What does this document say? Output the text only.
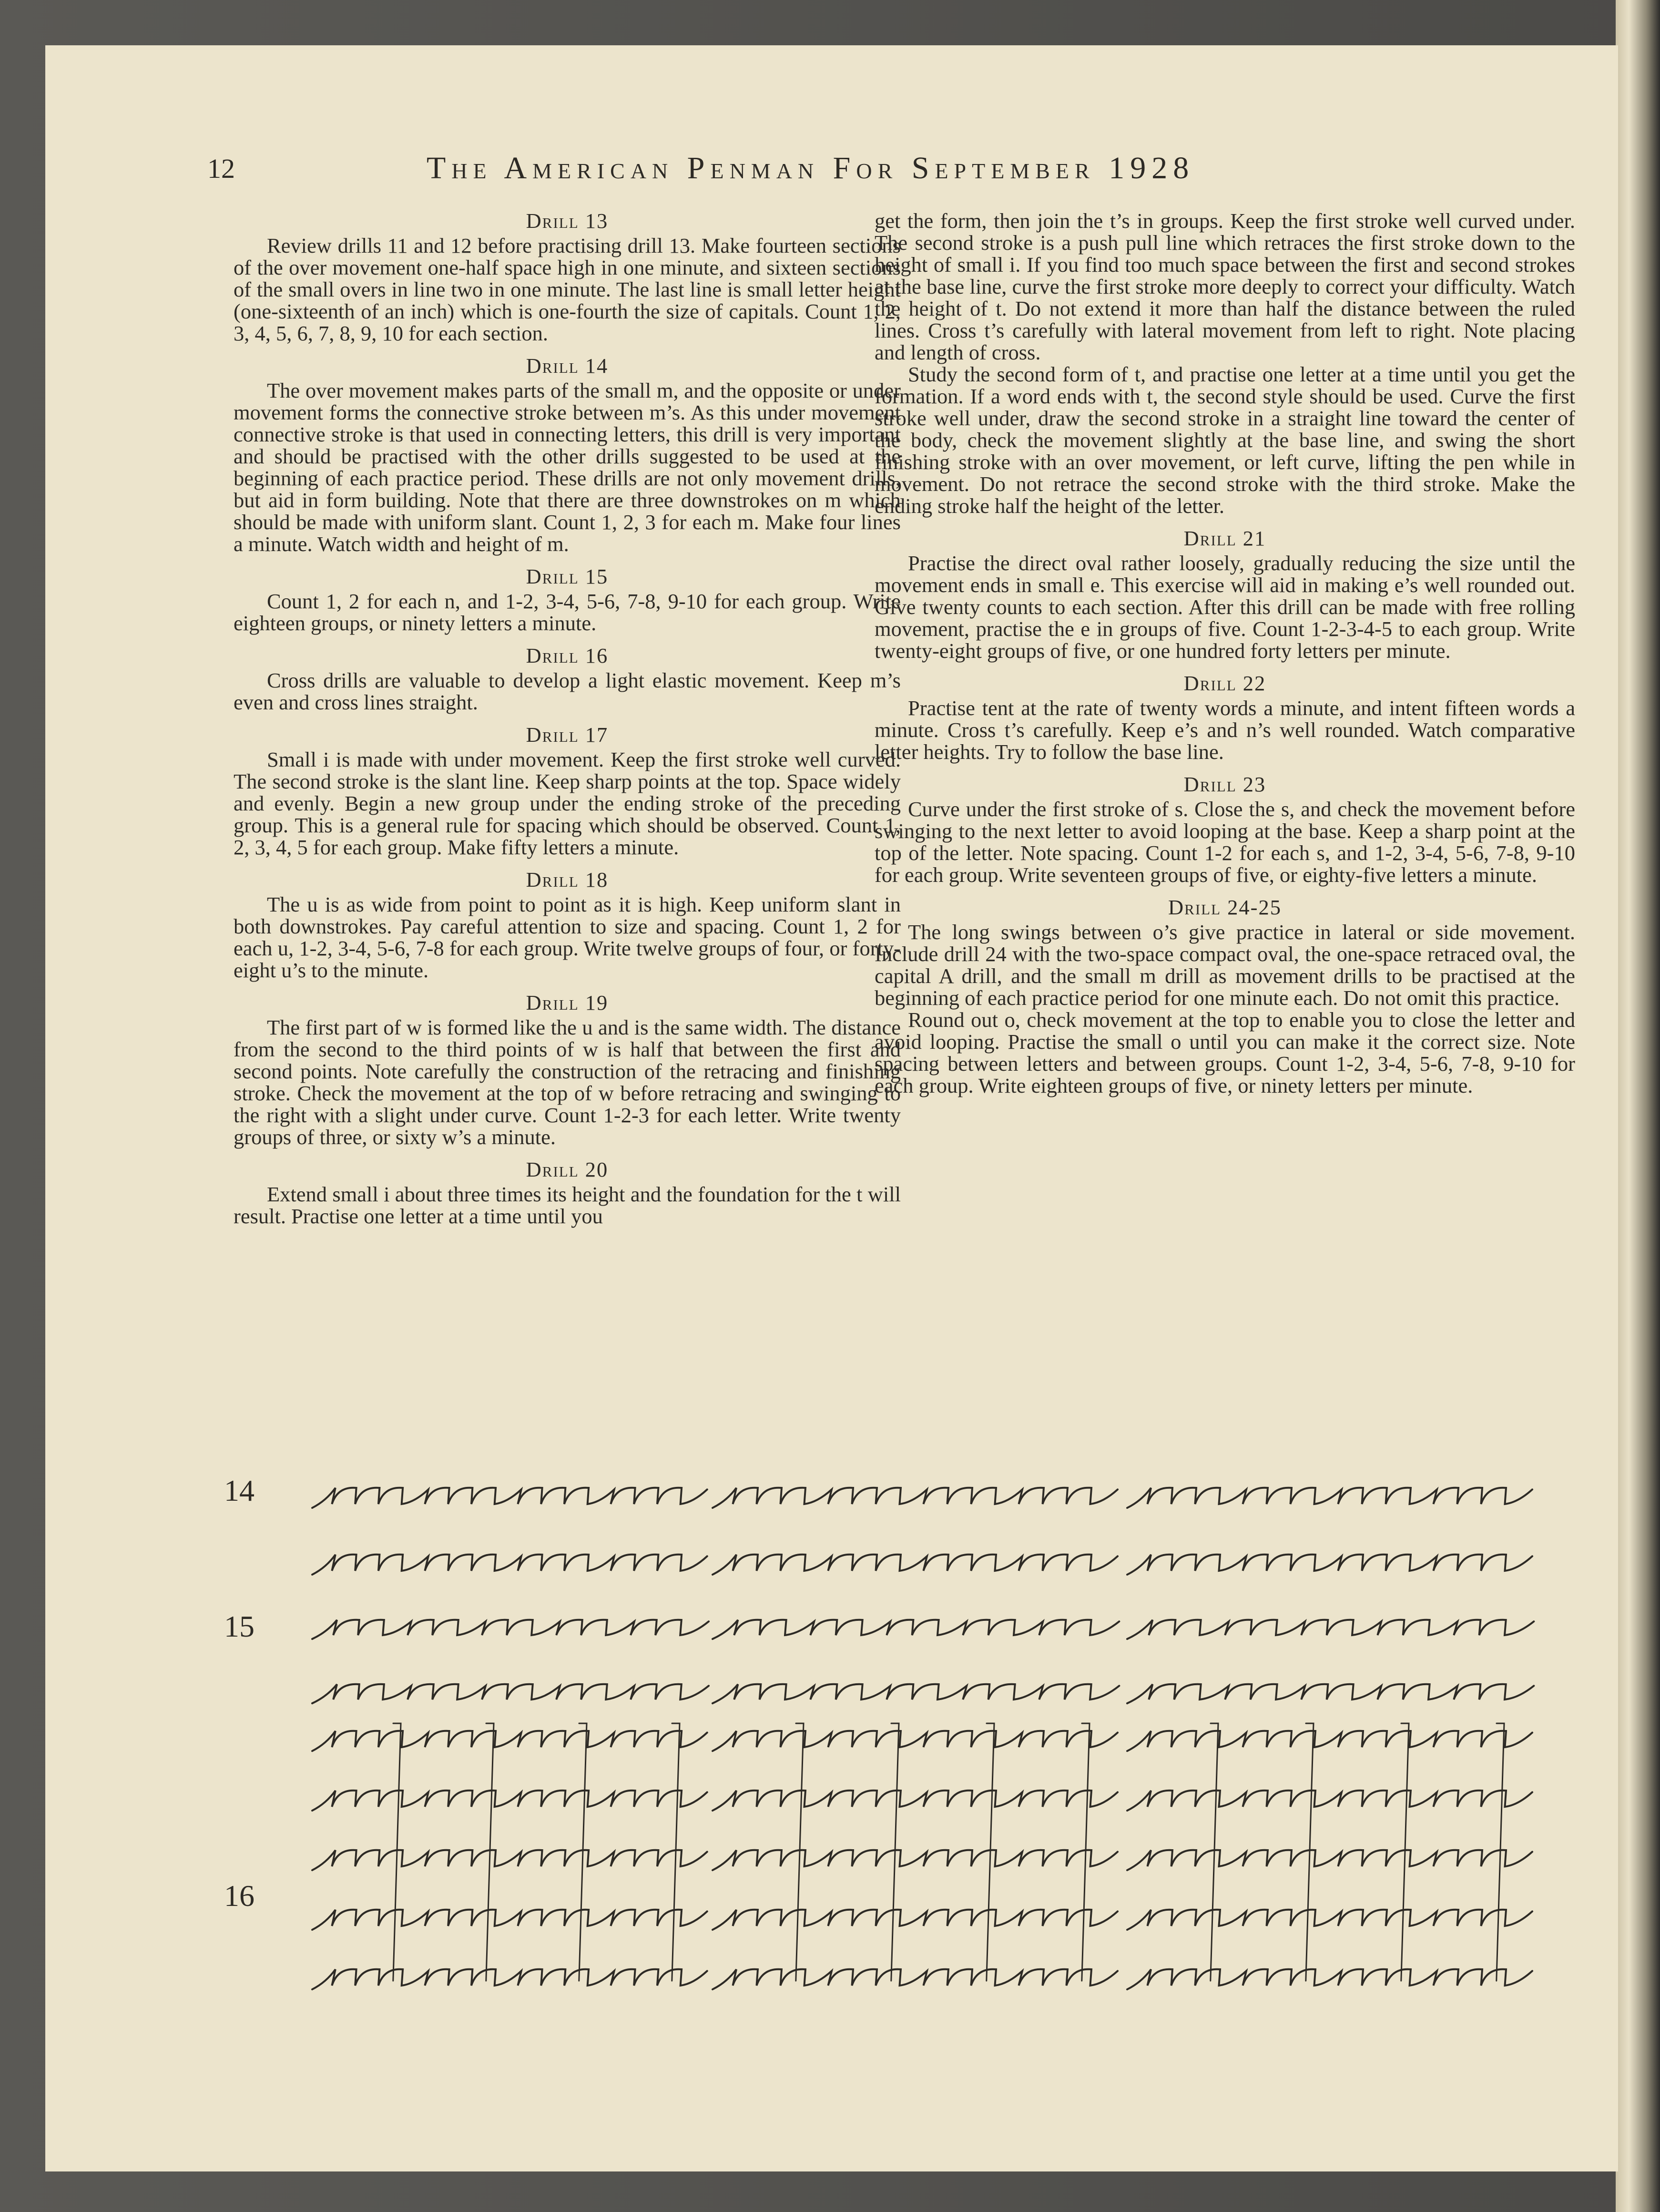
12	The American Penman For September 1928
Drill 13

Review drills 11 and 12 before practising drill 13. Make fourteen sections of the over movement one-half space high in one minute, and sixteen sections of the small overs in line two in one minute. The last line is small letter height (one-sixteenth of an inch) which is one-fourth the size of capitals. Count 1, 2, 3, 4, 5, 6, 7, 8, 9, 10 for each section.

Drill 14

The over movement makes parts of the small m, and the opposite or under movement forms the connective stroke between m’s. As this under movement connective stroke is that used in connecting letters, this drill is very important and should be practised with the other drills suggested to be used at the beginning of each practice period. These drills are not only movement drills, but aid in form building. Note that there are three downstrokes on m which should be made with uniform slant. Count 1, 2, 3 for each m. Make four lines a minute. Watch width and height of m.

Drill 15

Count 1, 2 for each n, and 1-2, 3-4, 5-6, 7-8, 9-10 for each group. Write eighteen groups, or ninety letters a minute.

Drill 16

Cross drills are valuable to develop a light elastic movement. Keep m’s even and cross lines straight.

Drill 17

Small i is made with under movement. Keep the first stroke well curved. The second stroke is the slant line. Keep sharp points at the top. Space widely and evenly. Begin a new group under the ending stroke of the preceding group. This is a general rule for spacing which should be observed. Count 1, 2, 3, 4, 5 for each group. Make fifty letters a minute.

Drill 18

The u is as wide from point to point as it is high. Keep uniform slant in both downstrokes. Pay careful attention to size and spacing. Count 1, 2 for each u, 1-2, 3-4, 5-6, 7-8 for each group. Write twelve groups of four, or forty-eight u’s to the minute.

Drill 19

The first part of w is formed like the u and is the same width. The distance from the second to the third points of w is half that between the first and second points. Note carefully the construction of the retracing and finishing stroke. Check the movement at the top of w before retracing and swinging to the right with a slight under curve. Count 1-2-3 for each letter. Write twenty groups of three, or sixty w’s a minute.

Drill 20

Extend small i about three times its height and the foundation for the t will result. Practise one letter at a time until you

get the form, then join the t’s in groups. Keep the first stroke well curved under. The second stroke is a push pull line which retraces the first stroke down to the height of small i. If you find too much space between the first and second strokes at the base line, curve the first stroke more deeply to correct your difficulty. Watch the height of t. Do not extend it more than half the distance between the ruled lines. Cross t’s carefully with lateral movement from left to right. Note placing and length of cross.

Study the second form of t, and practise one letter at a time until you get the formation. If a word ends with t, the second style should be used. Curve the first stroke well under, draw the second stroke in a straight line toward the center of the body, check the movement slightly at the base line, and swing the short finishing stroke with an over movement, or left curve, lifting the pen while in movement. Do not retrace the second stroke with the third stroke. Make the ending stroke half the height of the letter.

Drill 21

Practise the direct oval rather loosely, gradually reducing the size until the movement ends in small e. This exercise will aid in making e’s well rounded out. Give twenty counts to each section. After this drill can be made with free rolling movement, practise the e in groups of five. Count 1-2-3-4-5 to each group. Write twenty-eight groups of five, or one hundred forty letters per minute.

Drill 22

Practise tent at the rate of twenty words a minute, and intent fifteen words a minute. Cross t’s carefully. Keep e’s and n’s well rounded. Watch comparative letter heights. Try to follow the base line.

Drill 23

Curve under the first stroke of s. Close the s, and check the movement before swinging to the next letter to avoid looping at the base. Keep a sharp point at the top of the letter. Note spacing. Count 1-2 for each s, and 1-2, 3-4, 5-6, 7-8, 9-10 for each group. Write seventeen groups of five, or eighty-five letters a minute.

Drill 24-25

The long swings between o’s give practice in lateral or side movement. Include drill 24 with the two-space compact oval, the one-space retraced oval, the capital A drill, and the small m drill as movement drills to be practised at the beginning of each practice period for one minute each. Do not omit this practice.

Round out o, check movement at the top to enable you to close the letter and avoid looping. Practise the small o until you can make it the correct size. Note spacing between letters and between groups. Count 1-2, 3-4, 5-6, 7-8, 9-10 for each group. Write eighteen groups of five, or ninety letters per minute.

14
15
16
